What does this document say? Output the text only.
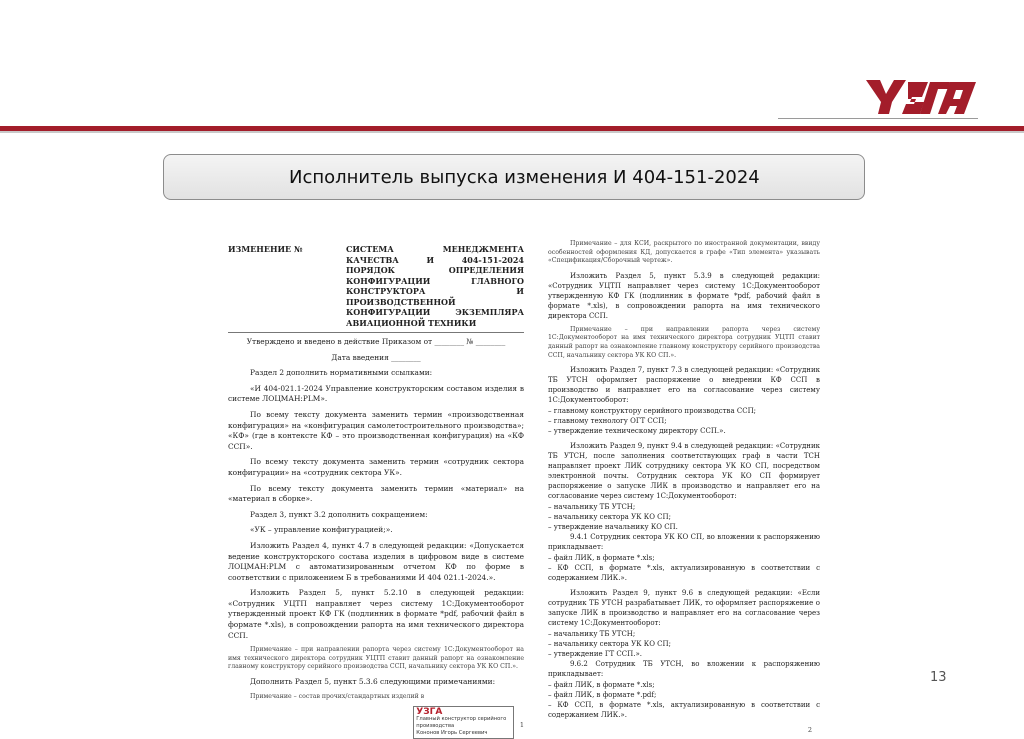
Исполнитель выпуска изменения И 404-151-2024
ИЗМЕНЕНИЕ №	СИСТЕМА МЕНЕДЖМЕНТА КАЧЕСТВА И 404-151-2024 ПОРЯДОК ОПРЕДЕЛЕНИЯ КОНФИГУРАЦИИ ГЛАВНОГО КОНСТРУКТОРА И ПРОИЗВОДСТВЕННОЙ КОНФИГУРАЦИИ ЭКЗЕМПЛЯРА АВИАЦИОННОЙ ТЕХНИКИ

Утверждено и введено в действие Приказом от ________ № ________

Дата введения ________

Раздел 2 дополнить нормативными ссылками:

«И 404-021.1-2024 Управление конструкторским составом изделия в системе ЛОЦМАН:PLM».

По всему тексту документа заменить термин «производственная конфигурация» на «конфигурация самолетостроительного производства»; «КФ» (где в контексте КФ – это производственная конфигурация) на «КФ ССП».

По всему тексту документа заменить термин «сотрудник сектора конфигурации» на «сотрудник сектора УК».

По всему тексту документа заменить термин «материал» на «материал в сборке».

Раздел 3, пункт 3.2 дополнить сокращением:

«УК – управление конфигурацией;».

Изложить Раздел 4, пункт 4.7 в следующей редакции: «Допускается ведение конструкторского состава изделия в цифровом виде в системе ЛОЦМАН:PLM с автоматизированным отчетом КФ по форме в соответствии с приложением Б в требованиями И 404 021.1-2024.».

Изложить Раздел 5, пункт 5.2.10 в следующей редакции: «Сотрудник УЦТП направляет через систему 1С:Документооборот утвержденный проект КФ ГК (подлинник в формате *pdf, рабочий файл в формате *.xls), в сопровождении рапорта на имя технического директора ССП.

Примечание – при направлении рапорта через систему 1С:Документооборот на имя технического директора сотрудник УЦТП ставит данный рапорт на ознакомление главному конструктору серийного производства ССП, начальнику сектора УК КО СП.».

Дополнить Раздел 5, пункт 5.3.6 следующими примечаниями:

Примечание – состав прочих/стандартных изделий в

УЗГА
Главный конструктор серийного
производства
Кононов Игорь Сергеевич
1

Примечание – для КСИ, раскрытого по иностранной документации, ввиду особенностей оформления КД, допускается в графе «Тип элемента» указывать «Спецификация/Сборочный чертеж».

Изложить Раздел 5, пункт 5.3.9 в следующей редакции: «Сотрудник УЦТП направляет через систему 1С:Документооборот утвержденную КФ ГК (подлинник в формате *pdf, рабочий файл в формате *.xls), в сопровождении рапорта на имя технического директора ССП.

Примечание – при направлении рапорта через систему 1С:Документооборот на имя технического директора сотрудник УЦТП ставит данный рапорт на ознакомление главному конструктору серийного производства ССП, начальнику сектора УК КО СП.».

Изложить Раздел 7, пункт 7.3 в следующей редакции: «Сотрудник ТБ УТСН оформляет распоряжение о внедрении КФ ССП в производство и направляет его на согласование через систему 1С:Документооборот:

– главному конструктору серийного производства ССП;
– главному технологу ОГТ ССП;
– утверждение техническому директору ССП.».

Изложить Раздел 9, пункт 9.4 в следующей редакции: «Сотрудник ТБ УТСН, после заполнения соответствующих граф в части ТСН направляет проект ЛИК сотруднику сектора УК КО СП, посредством электронной почты. Сотрудник сектора УК КО СП формирует распоряжение о запуске ЛИК в производство и направляет его на согласование через систему 1С:Документооборот:

– начальнику ТБ УТСН;
– начальнику сектора УК КО СП;
– утверждение начальнику КО СП.

9.4.1 Сотрудник сектора УК КО СП, во вложении к распоряжению прикладывает:

– файл ЛИК, в формате *.xls;

– КФ ССП, в формате *.xls, актуализированную в соответствии с содержанием ЛИК.».

Изложить Раздел 9, пункт 9.6 в следующей редакции: «Если сотрудник ТБ УТСН разрабатывает ЛИК, то оформляет распоряжение о запуске ЛИК в производство и направляет его на согласование через систему 1С:Документооборот:

– начальнику ТБ УТСН;
– начальнику сектора УК КО СП;
– утверждение ГТ ССП.».

9.6.2 Сотрудник ТБ УТСН, во вложении к распоряжению прикладывает:

– файл ЛИК, в формате *.xls;
– файл ЛИК, в формате *.pdf;

– КФ ССП, в формате *.xls, актуализированную в соответствии с содержанием ЛИК.».

2
13
